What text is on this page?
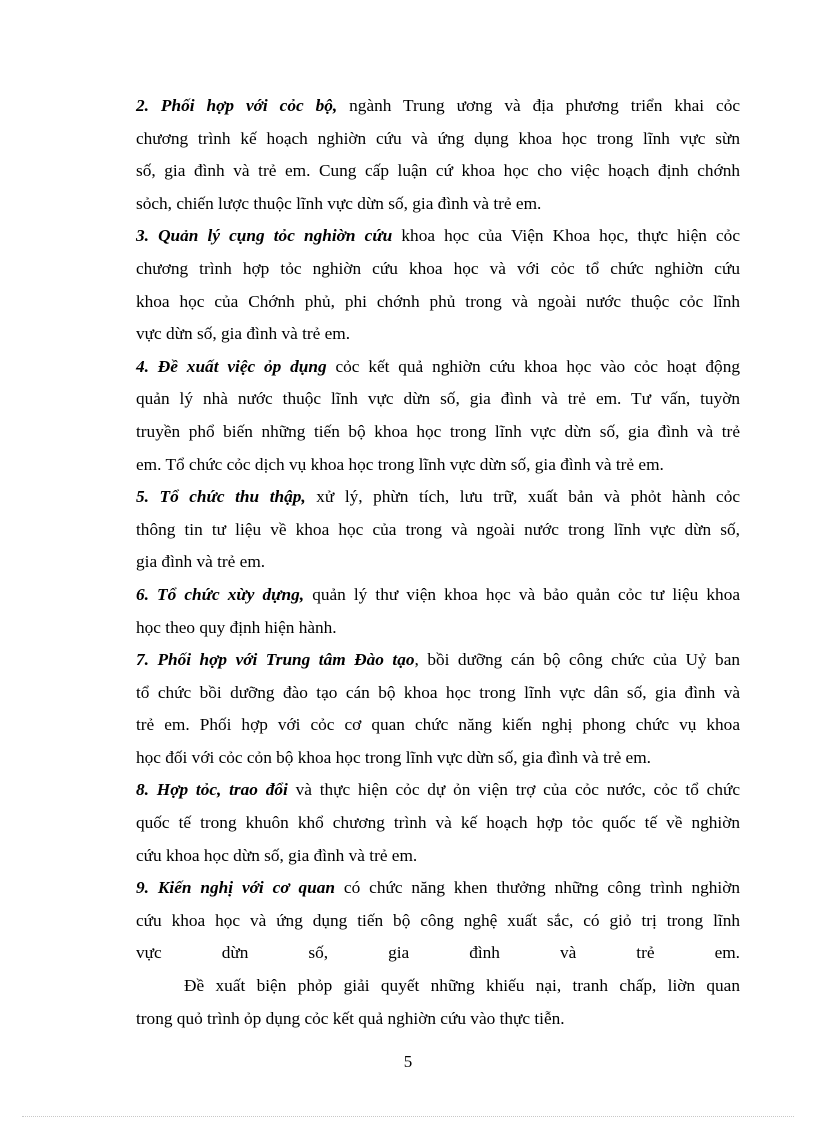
2. Phối hợp với cỏc bộ, ngành Trung ương và địa phương triển khai cỏc
chương trình kế hoạch nghiờn cứu và ứng dụng khoa học trong lĩnh vực sừn
số, gia đình và trẻ em. Cung cấp luận cứ khoa học cho việc hoạch định chớnh
sỏch, chiến lược thuộc lĩnh vực dừn số, gia đình và trẻ em.
3. Quản lý cụng tỏc nghiờn cứu khoa học của Viện Khoa học, thực hiện cỏc
chương trình hợp tỏc nghiờn cứu khoa học và với cỏc tổ chức nghiờn cứu
khoa học của Chớnh phủ, phi chớnh phủ trong và ngoài nước thuộc cỏc lĩnh
vực dừn số, gia đình và trẻ em.
4. Đề xuất việc ỏp dụng cỏc kết quả nghiờn cứu khoa học vào cỏc hoạt động
quản lý nhà nước thuộc lĩnh vực dừn số, gia đình và trẻ em. Tư vấn, tuyờn
truyền phổ biến những tiến bộ khoa học trong lĩnh vực dừn số, gia đình và trẻ
em. Tổ chức cỏc dịch vụ khoa học trong lĩnh vực dừn số, gia đình và trẻ em.
5. Tổ chức thu thập, xử lý, phừn tích, lưu trữ, xuất bản và phỏt hành cỏc
thông tin tư liệu về khoa học của trong và ngoài nước trong lĩnh vực dừn số,
gia đình và trẻ em.
6. Tổ chức xừy dựng, quản lý thư viện khoa học và bảo quản cỏc tư liệu khoa
học theo quy định hiện hành.
7. Phối hợp với Trung tâm Đào tạo, bồi dưỡng cán bộ công chức của Uỷ ban
tổ chức bồi dưỡng đào tạo cán bộ khoa học trong lĩnh vực dân số, gia đình và
trẻ em. Phối hợp với cỏc cơ quan chức năng kiến nghị phong chức vụ khoa
học đối với cỏc cỏn bộ khoa học trong lĩnh vực dừn số, gia đình và trẻ em.
8. Hợp tỏc, trao đổi và thực hiện cỏc dự ỏn viện trợ của cỏc nước, cỏc tổ chức
quốc tế trong khuôn khổ chương trình và kế hoạch hợp tỏc quốc tế về nghiờn
cứu khoa học dừn số, gia đình và trẻ em.
9. Kiến nghị với cơ quan có chức năng khen thưởng những công trình nghiờn
cứu khoa học và ứng dụng tiến bộ công nghệ xuất sắc, có giỏ trị trong lĩnh
vực dừn số, gia đình và trẻ em.
Đề xuất biện phỏp giải quyết những khiếu nại, tranh chấp, liờn quan
trong quỏ trình ỏp dụng cỏc kết quả nghiờn cứu vào thực tiễn.
5
